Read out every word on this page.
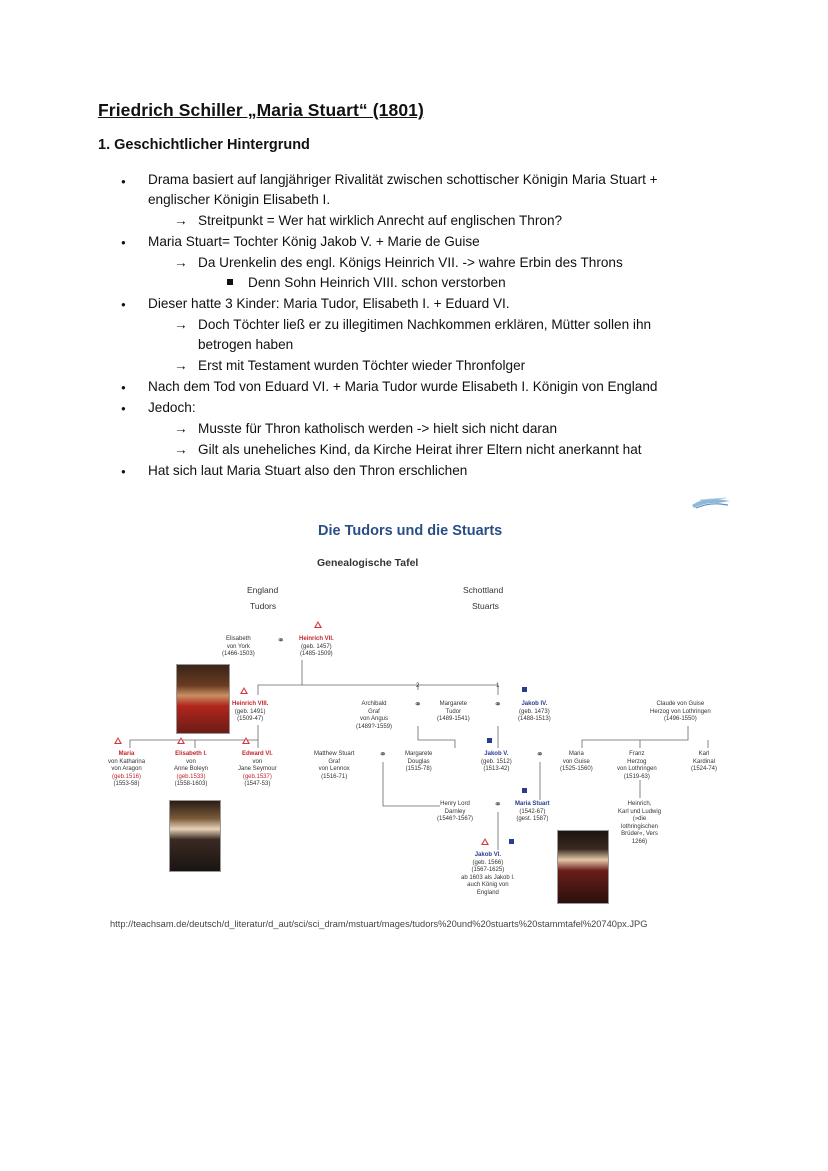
Friedrich Schiller „Maria Stuart“ (1801)
1. Geschichtlicher Hintergrund
●
Drama basiert auf langjähriger Rivalität zwischen schottischer Königin Maria Stuart +
englischer Königin Elisabeth I.
→ Streitpunkt = Wer hat wirklich Anrecht auf englischen Thron?
●
Maria Stuart= Tochter König Jakob V. + Marie de Guise
→ Da Urenkelin des engl. Königs Heinrich VII. -> wahre Erbin des Throns
Denn Sohn Heinrich VIII. schon verstorben
●
Dieser hatte 3 Kinder: Maria Tudor, Elisabeth I. + Eduard VI.
→ Doch Töchter ließ er zu illegitimen Nachkommen erklären, Mütter sollen ihn
betrogen haben
→ Erst mit Testament wurden Töchter wieder Thronfolger
●
Nach dem Tod von Eduard VI. + Maria Tudor wurde Elisabeth I. Königin von England
●
Jedoch:
→ Musste für Thron katholisch werden -> hielt sich nicht daran
→ Gilt als uneheliches Kind, da Kirche Heirat ihrer Eltern nicht anerkannt hat
●
Hat sich laut Maria Stuart also den Thron erschlichen
Die Tudors und die Stuarts
Genealogische Tafel
England
Tudors
Schottland
Stuarts
⚭
Elisabeth
von York
(1466-1503)
Heinrich VII.
(geb. 1457)
(1485-1509)
2	1
Heinrich VIII.
(geb. 1491)
(1509-47)
Archibald
Graf
von Angus
(1489?-1559)
⚭	Margarete
Tudor
(1489-1541)
⚭	Jakob IV.
(geb. 1473)
(1488-1513)
Claude von Guise
Herzog von Lothringen
(1496-1550)
Maria
von Katharina
von Aragon
(geb.1516)
(1553-58)
Elisabeth I.
von
Anne Boleyn
(geb.1533)
(1558-1603)
Edward VI.
von
Jane Seymour
(geb.1537)
(1547-53)
Matthew Stuart
Graf
von Lennox
(1516-71)
⚭	Margarete
Douglas
(1515-78)
Jakob V.
(geb. 1512)
(1513-42)
⚭	Maria
von Guise
(1525-1560)
Franz
Herzog
von Lothringen
(1519-63)
Karl
Kardinal
(1524-74)
Henry Lord
Darnley
(1546?-1567)
⚭ Maria Stuart
(1542-67)
(gest. 1587)
Heinrich,
Karl und Ludwig
(»die
lothringischen
Brüder«, Vers
1266)
Jakob VI.
(geb. 1566)
(1567-1625)
ab 1603 als Jakob I.
auch König von
England
http://teachsam.de/deutsch/d_literatur/d_aut/sci/sci_dram/mstuart/mages/tudors%20und%20stuarts%20stammtafel%20740px.JPG
